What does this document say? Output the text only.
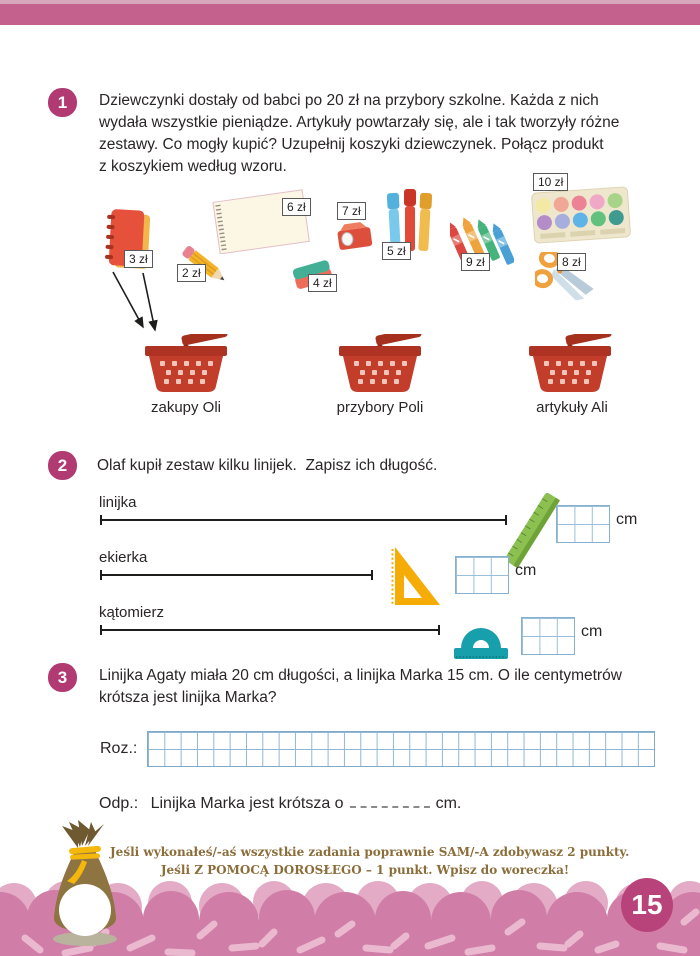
1 Dziewczynki dostały od babci po 20 zł na przybory szkolne. Każda z nich
wydała wszystkie pieniądze. Artykuły powtarzały się, ale i tak tworzyły różne
zestawy. Co mogły kupić? Uzupełnij koszyki dziewczynek. Połącz produkt
z koszykiem według wzoru.
3 zł
2 zł
6 zł	7 zł
4 zł
5 zł
9 zł
10 zł
8 zł
zakupy Oli	przybory Poli	artykuły Ali
2 Olaf kupił zestaw kilku linijek.  Zapisz ich długość.
linijka
cm
ekierka
cm
kątomierz
cm
3 Linijka Agaty miała 20 cm długości, a linijka Marka 15 cm. O ile centymetrów
krótsza jest linijka Marka?
Roz.:
Odp.: Linijka Marka jest krótsza o	cm.
Jeśli wykonałeś/-aś wszystkie zadania poprawnie SAM/-A zdobywasz 2 punkty.
Jeśli Z POMOCĄ DOROSŁEGO – 1 punkt. Wpisz do woreczka!
15
